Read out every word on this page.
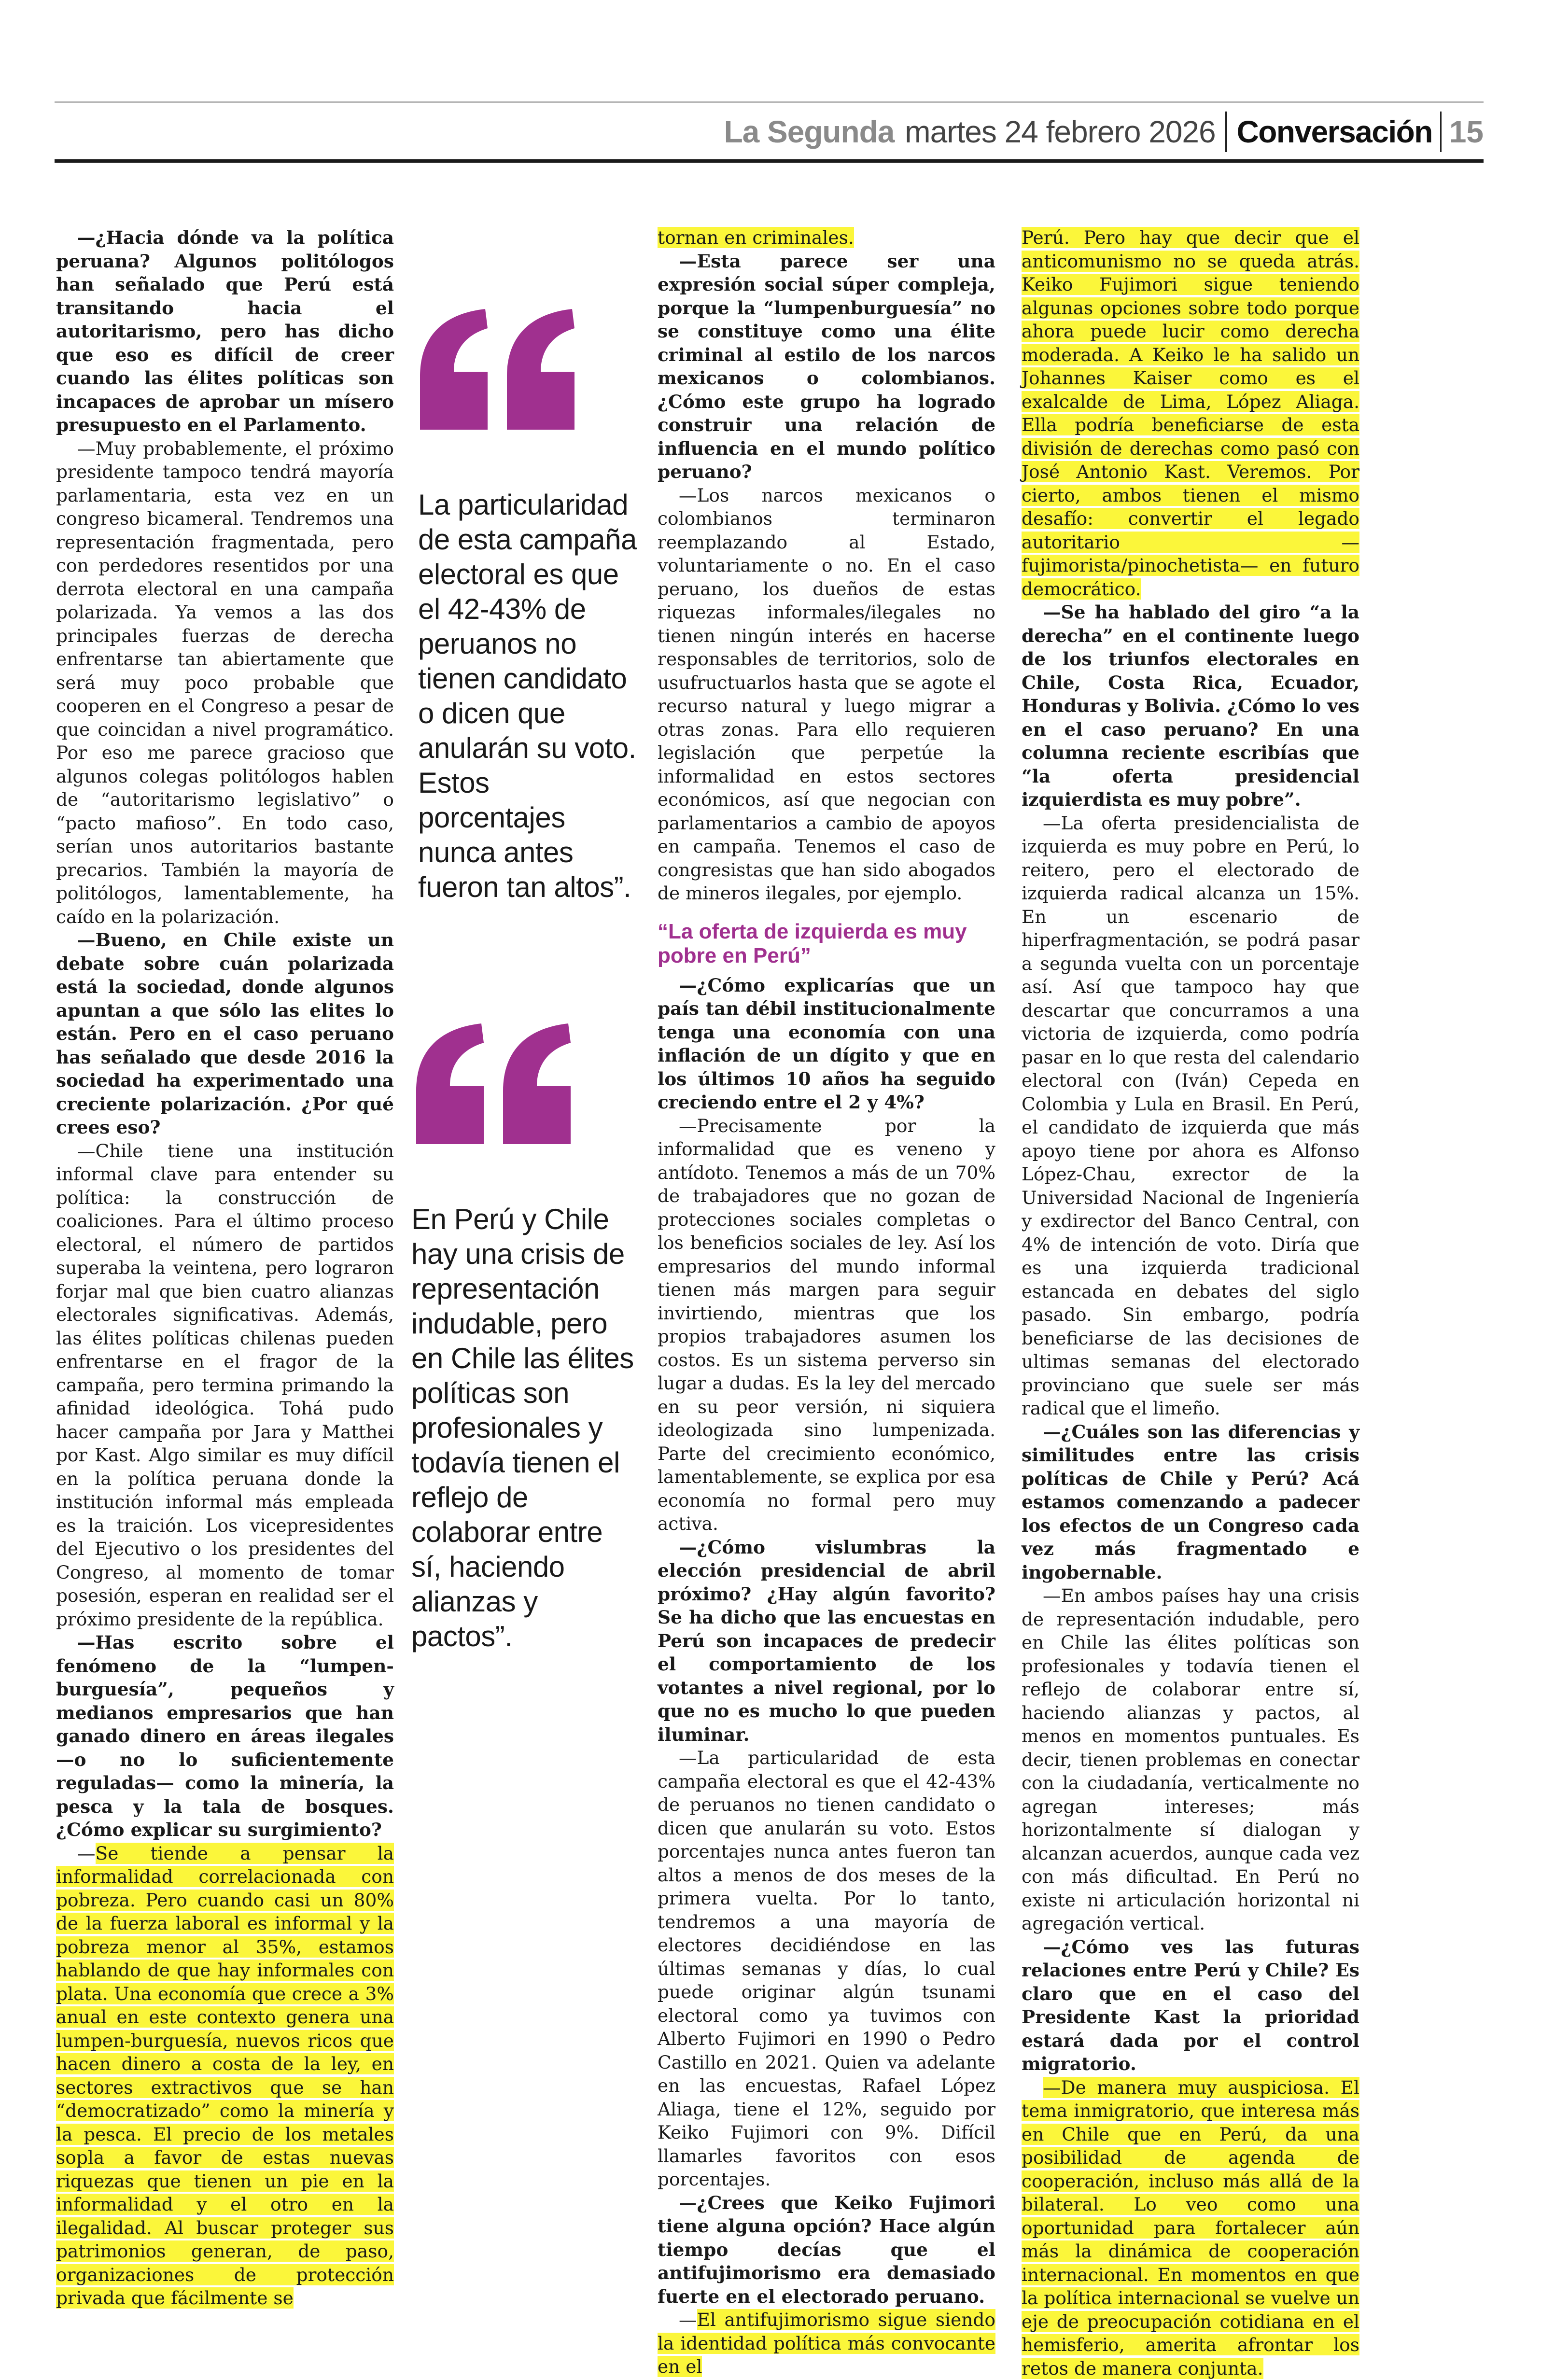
La Segunda martes 24 febrero 2026 Conversación 15

—¿Hacia dónde va la política peruana? Algunos politólogos han señalado que Perú está transitando hacia el autoritarismo, pero has dicho que eso es difícil de creer cuando las élites políticas son incapaces de aprobar un mísero presupuesto en el Parlamento.

—Muy probablemente, el próximo presidente tampoco tendrá mayoría parlamentaria, esta vez en un congreso bicameral. Tendremos una representación fragmentada, pero con perdedores resentidos por una derrota electoral en una campaña polarizada. Ya vemos a las dos principales fuerzas de derecha enfrentarse tan abiertamente que será muy poco probable que cooperen en el Congreso a pesar de que coincidan a nivel programático. Por eso me parece gracioso que algunos colegas politólogos hablen de “autoritarismo legislativo” o “pacto mafioso”. En todo caso, serían unos autoritarios bastante precarios. También la mayoría de politólogos, lamentablemente, ha caído en la polarización.

—Bueno, en Chile existe un debate sobre cuán polarizada está la sociedad, donde algunos apuntan a que sólo las elites lo están. Pero en el caso peruano has señalado que desde 2016 la sociedad ha experimentado una creciente polarización. ¿Por qué crees eso?

—Chile tiene una institución informal clave para entender su política: la construcción de coaliciones. Para el último proceso electoral, el número de partidos superaba la veintena, pero lograron forjar mal que bien cuatro alianzas electorales significativas. Además, las élites políticas chilenas pueden enfrentarse en el fragor de la campaña, pero termina primando la afinidad ideológica. Tohá pudo hacer campaña por Jara y Matthei por Kast. Algo similar es muy difícil en la política peruana donde la institución informal más empleada es la traición. Los vicepresidentes del Ejecutivo o los presidentes del Congreso, al momento de tomar posesión, esperan en realidad ser el próximo presidente de la república.

—Has escrito sobre el fenómeno de la “lumpen-burguesía”, pequeños y medianos empresarios que han ganado dinero en áreas ilegales —o no lo suficientemente reguladas— como la minería, la pesca y la tala de bosques. ¿Cómo explicar su surgimiento?

—Se tiende a pensar la informalidad correlacionada con pobreza. Pero cuando casi un 80% de la fuerza laboral es informal y la pobreza menor al 35%, estamos hablando de que hay informales con plata. Una economía que crece a 3% anual en este contexto genera una lumpen-burguesía, nuevos ricos que hacen dinero a costa de la ley, en sectores extractivos que se han “democratizado” como la minería y la pesca. El precio de los metales sopla a favor de estas nuevas riquezas que tienen un pie en la informalidad y el otro en la ilegalidad. Al buscar proteger sus patrimonios generan, de paso, organizaciones de protección privada que fácilmente se

La particularidad de esta campaña electoral es que el 42-43% de peruanos no tienen candidato o dicen que anularán su voto. Estos porcentajes nunca antes fueron tan altos”.
En Perú y Chile hay una crisis de representación indudable, pero en Chile las élites políticas son profesionales y todavía tienen el reflejo de colaborar entre sí, haciendo alianzas y pactos”.

tornan en criminales.

—Esta parece ser una expresión social súper compleja, porque la “lumpenburguesía” no se constituye como una élite criminal al estilo de los narcos mexicanos o colombianos. ¿Cómo este grupo ha logrado construir una relación de influencia en el mundo político peruano?

—Los narcos mexicanos o colombianos terminaron reemplazando al Estado, voluntariamente o no. En el caso peruano, los dueños de estas riquezas informales/ilegales no tienen ningún interés en hacerse responsables de territorios, solo de usufructuarlos hasta que se agote el recurso natural y luego migrar a otras zonas. Para ello requieren legislación que perpetúe la informalidad en estos sectores económicos, así que negocian con parlamentarios a cambio de apoyos en campaña. Tenemos el caso de congresistas que han sido abogados de mineros ilegales, por ejemplo.

“La oferta de izquierda es muy pobre en Perú”

—¿Cómo explicarías que un país tan débil institucionalmente tenga una economía con una inflación de un dígito y que en los últimos 10 años ha seguido creciendo entre el 2 y 4%?

—Precisamente por la informalidad que es veneno y antídoto. Tenemos a más de un 70% de trabajadores que no gozan de protecciones sociales completas o los beneficios sociales de ley. Así los empresarios del mundo informal tienen más margen para seguir invirtiendo, mientras que los propios trabajadores asumen los costos. Es un sistema perverso sin lugar a dudas. Es la ley del mercado en su peor versión, ni siquiera ideologizada sino lumpenizada. Parte del crecimiento económico, lamentablemente, se explica por esa economía no formal pero muy activa.

—¿Cómo vislumbras la elección presidencial de abril próximo? ¿Hay algún favorito? Se ha dicho que las encuestas en Perú son incapaces de predecir el comportamiento de los votantes a nivel regional, por lo que no es mucho lo que pueden iluminar.

—La particularidad de esta campaña electoral es que el 42-43% de peruanos no tienen candidato o dicen que anularán su voto. Estos porcentajes nunca antes fueron tan altos a menos de dos meses de la primera vuelta. Por lo tanto, tendremos a una mayoría de electores decidiéndose en las últimas semanas y días, lo cual puede originar algún tsunami electoral como ya tuvimos con Alberto Fujimori en 1990 o Pedro Castillo en 2021. Quien va adelante en las encuestas, Rafael López Aliaga, tiene el 12%, seguido por Keiko Fujimori con 9%. Difícil llamarles favoritos con esos porcentajes.

—¿Crees que Keiko Fujimori tiene alguna opción? Hace algún tiempo decías que el antifujimorismo era demasiado fuerte en el electorado peruano.

—El antifujimorismo sigue siendo la identidad política más convocante en el

Perú. Pero hay que decir que el anticomunismo no se queda atrás. Keiko Fujimori sigue teniendo algunas opciones sobre todo porque ahora puede lucir como derecha moderada. A Keiko le ha salido un Johannes Kaiser como es el exalcalde de Lima, López Aliaga. Ella podría beneficiarse de esta división de derechas como pasó con José Antonio Kast. Veremos. Por cierto, ambos tienen el mismo desafío: convertir el legado autoritario —fujimorista/pinochetista— en futuro democrático.

—Se ha hablado del giro “a la derecha” en el continente luego de los triunfos electorales en Chile, Costa Rica, Ecuador, Honduras y Bolivia. ¿Cómo lo ves en el caso peruano? En una columna reciente escribías que “la oferta presidencial izquierdista es muy pobre”.

—La oferta presidencialista de izquierda es muy pobre en Perú, lo reitero, pero el electorado de izquierda radical alcanza un 15%. En un escenario de hiperfragmentación, se podrá pasar a segunda vuelta con un porcentaje así. Así que tampoco hay que descartar que concurramos a una victoria de izquierda, como podría pasar en lo que resta del calendario electoral con (Iván) Cepeda en Colombia y Lula en Brasil. En Perú, el candidato de izquierda que más apoyo tiene por ahora es Alfonso López-Chau, exrector de la Universidad Nacional de Ingeniería y exdirector del Banco Central, con 4% de intención de voto. Diría que es una izquierda tradicional estancada en debates del siglo pasado. Sin embargo, podría beneficiarse de las decisiones de ultimas semanas del electorado provinciano que suele ser más radical que el limeño.

—¿Cuáles son las diferencias y similitudes entre las crisis políticas de Chile y Perú? Acá estamos comenzando a padecer los efectos de un Congreso cada vez más fragmentado e ingobernable.

—En ambos países hay una crisis de representación indudable, pero en Chile las élites políticas son profesionales y todavía tienen el reflejo de colaborar entre sí, haciendo alianzas y pactos, al menos en momentos puntuales. Es decir, tienen problemas en conectar con la ciudadanía, verticalmente no agregan intereses; más horizontalmente sí dialogan y alcanzan acuerdos, aunque cada vez con más dificultad. En Perú no existe ni articulación horizontal ni agregación vertical.

—¿Cómo ves las futuras relaciones entre Perú y Chile? Es claro que en el caso del Presidente Kast la prioridad estará dada por el control migratorio.

—De manera muy auspiciosa. El tema inmigratorio, que interesa más en Chile que en Perú, da una posibilidad de agenda de cooperación, incluso más allá de la bilateral. Lo veo como una oportunidad para fortalecer aún más la dinámica de cooperación internacional. En momentos en que la política internacional se vuelve un eje de preocupación cotidiana en el hemisferio, amerita afrontar los retos de manera conjunta.
